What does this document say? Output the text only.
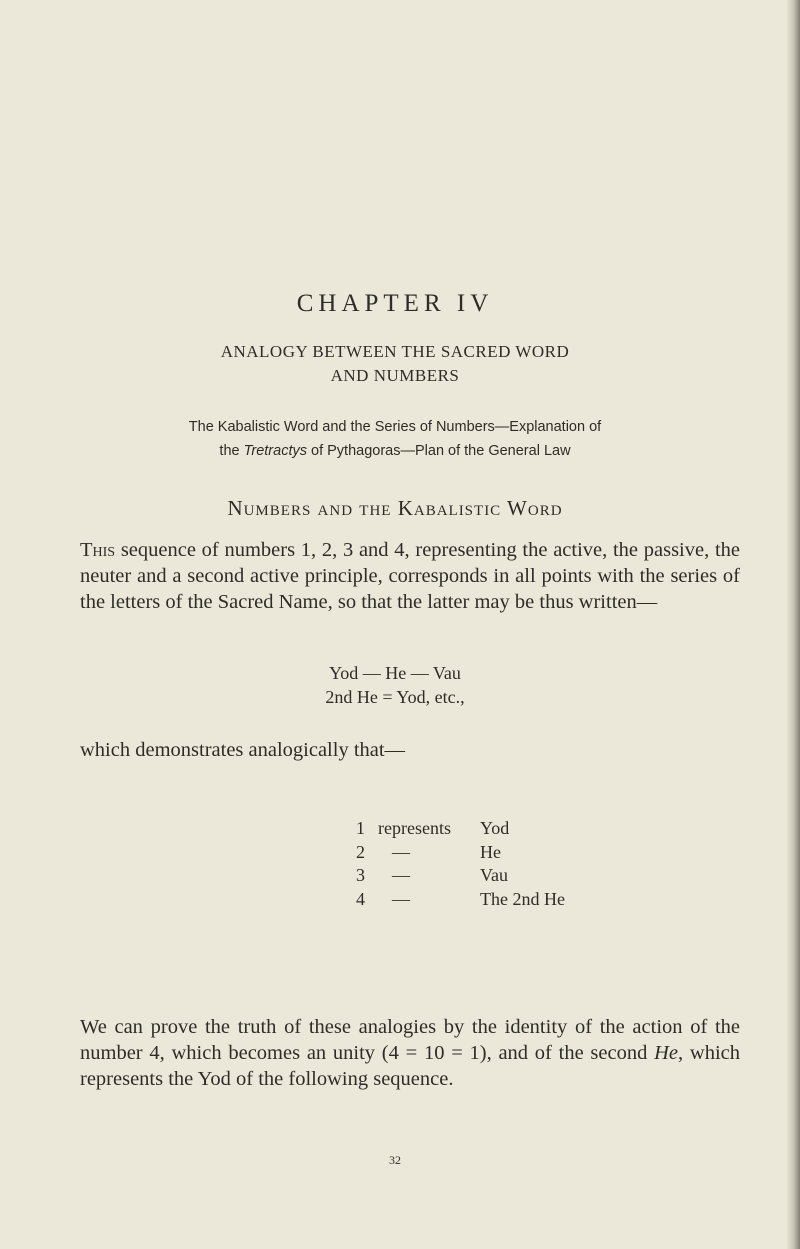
CHAPTER IV
ANALOGY BETWEEN THE SACRED WORD
AND NUMBERS
The Kabalistic Word and the Series of Numbers—Explanation of
the Tretractys of Pythagoras—Plan of the General Law
Numbers and the Kabalistic Word
This sequence of numbers 1, 2, 3 and 4, representing the active, the passive, the neuter and a second active principle, corresponds in all points with the series of the letters of the Sacred Name, so that the latter may be thus written—
Yod — He — Vau
2nd He = Yod, etc.,
which demonstrates analogically that—
1 represents Yod
2 —	He
3 —	Vau
4 —	The 2nd He
We can prove the truth of these analogies by the identity of the action of the number 4, which becomes an unity (4 = 10 = 1), and of the second He, which represents the Yod of the following sequence.
32
